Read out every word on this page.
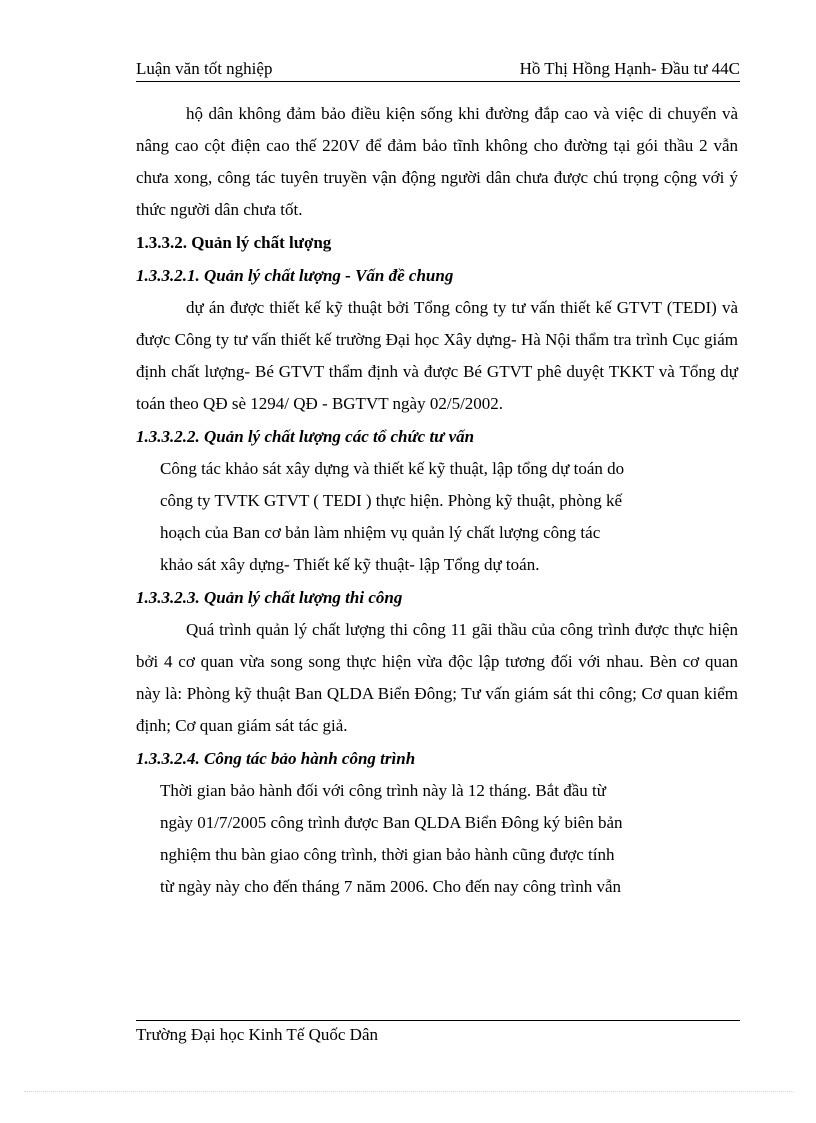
Luận văn tốt nghiệp	Hồ Thị Hồng Hạnh- Đầu tư 44C

hộ dân không đảm bảo điều kiện sống khi đường đắp cao và việc di chuyển và nâng cao cột điện cao thế 220V để đảm bảo tĩnh không cho đường tại gói thầu 2 vẫn chưa xong, công tác tuyên truyền vận động người dân chưa được chú trọng cộng với ý thức người dân chưa tốt.

1.3.3.2. Quản lý chất lượng

1.3.3.2.1. Quản lý chất lượng - Vấn đề chung

dự án được thiết kế kỹ thuật bởi Tổng công ty tư vấn thiết kế GTVT (TEDI) và được Công ty tư vấn thiết kế trường Đại học Xây dựng- Hà Nội thẩm tra trình Cục giám định chất lượng- Bé GTVT thẩm định và được Bé GTVT phê duyệt TKKT và Tổng dự toán theo QĐ sè 1294/ QĐ - BGTVT ngày 02/5/2002.

1.3.3.2.2. Quản lý chất lượng các tổ chức tư vấn

Công tác khảo sát xây dựng và thiết kế kỹ thuật, lập tổng dự toán do

công ty TVTK GTVT ( TEDI ) thực hiện. Phòng kỹ thuật, phòng kế

hoạch của Ban cơ bản làm nhiệm vụ quản lý chất lượng công tác

khảo sát xây dựng- Thiết kế kỹ thuật- lập Tổng dự toán.

1.3.3.2.3. Quản lý chất lượng thi công

Quá trình quản lý chất lượng thi công 11 gãi thầu của công trình được thực hiện bởi 4 cơ quan vừa song song thực hiện vừa độc lập tương đối với nhau. Bèn cơ quan này là: Phòng kỹ thuật Ban QLDA Biển Đông; Tư vấn giám sát thi công; Cơ quan kiểm định; Cơ quan giám sát tác giả.

1.3.3.2.4. Công tác bảo hành công trình

Thời gian bảo hành đối với công trình này là 12 tháng. Bắt đầu từ

ngày 01/7/2005 công trình được Ban QLDA Biển Đông ký biên bản

nghiệm thu bàn giao công trình, thời gian bảo hành cũng được tính

từ ngày này cho đến tháng 7 năm 2006. Cho đến nay công trình vẫn

Trường Đại học Kinh Tế Quốc Dân
